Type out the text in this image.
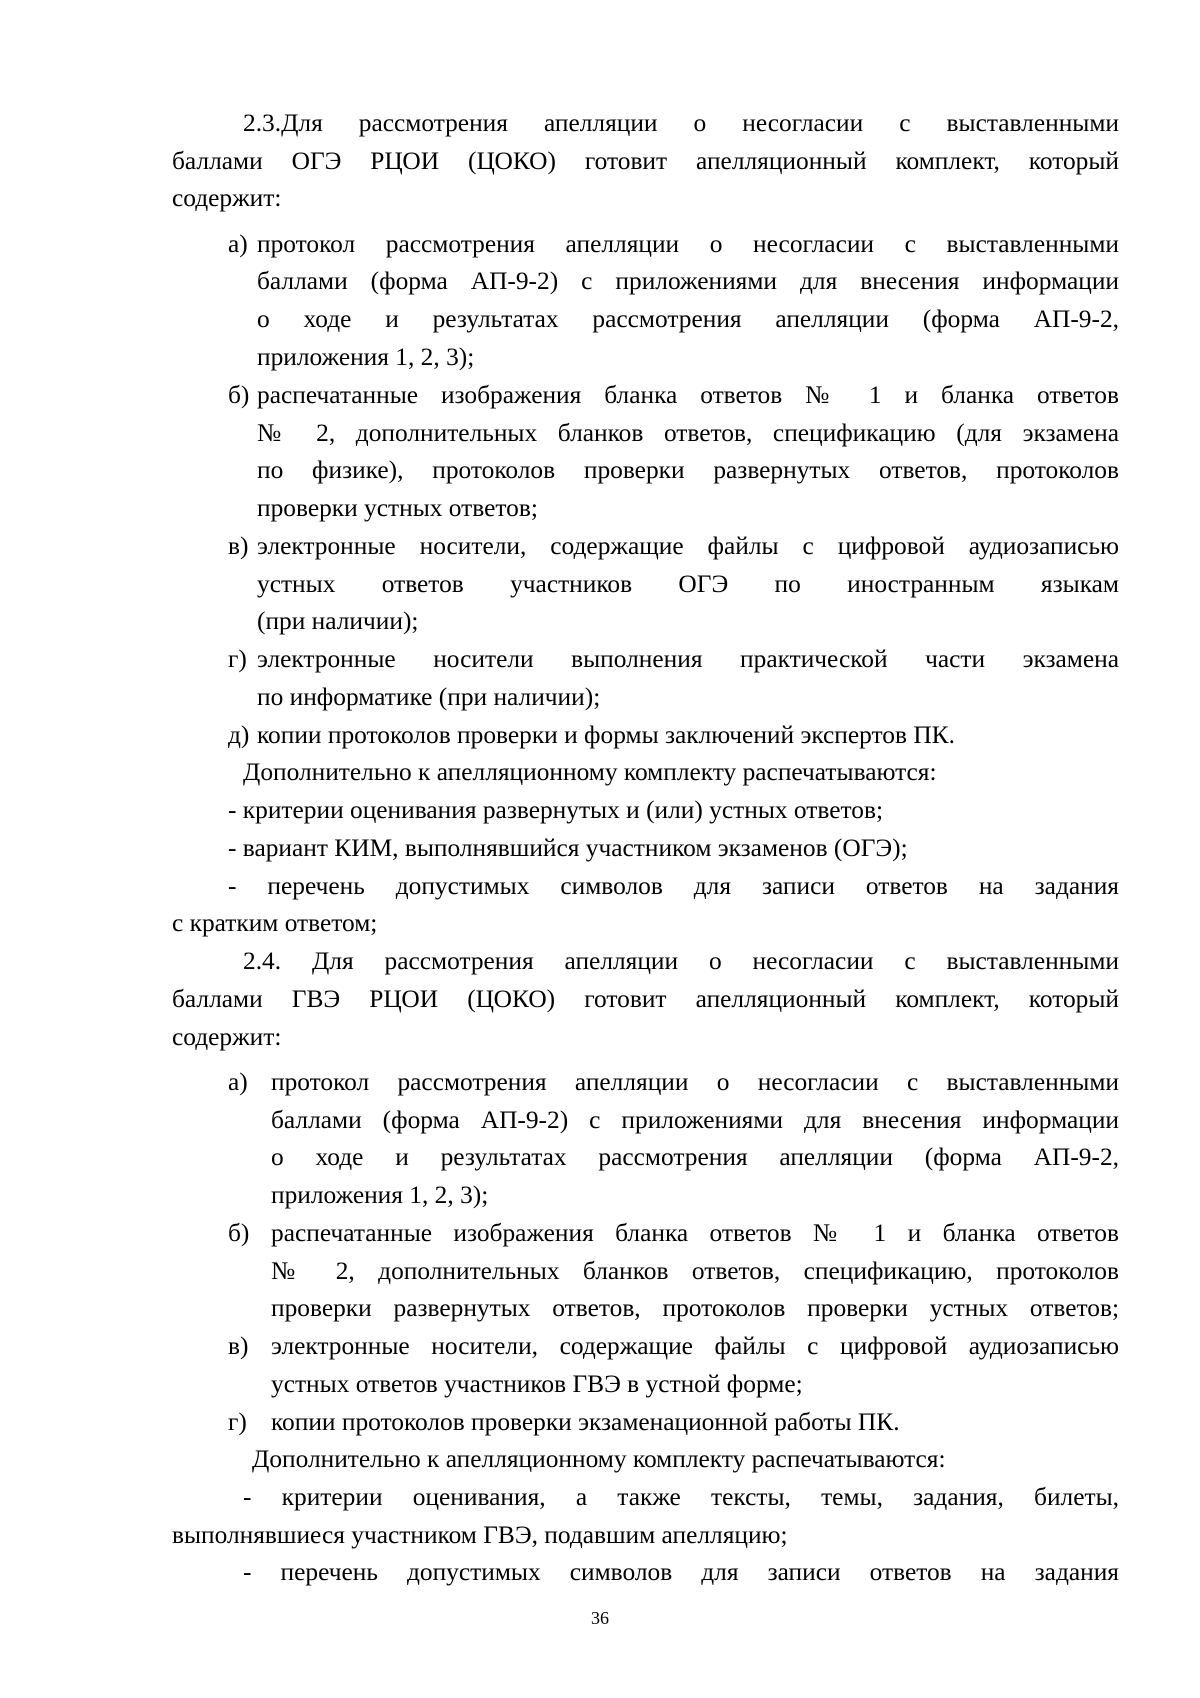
2.3.Для рассмотрения апелляции о несогласии с выставленными
баллами ОГЭ РЦОИ (ЦОКО) готовит апелляционный комплект, который
содержит:
а) протокол рассмотрения апелляции о несогласии с выставленными
баллами (форма АП-9-2) с приложениями для внесения информации
о ходе и результатах рассмотрения апелляции (форма АП-9-2,
приложения 1, 2, 3);
б) распечатанные изображения бланка ответов № 1 и бланка ответов
№ 2, дополнительных бланков ответов, спецификацию (для экзамена
по физике), протоколов проверки развернутых ответов, протоколов
проверки устных ответов;
в) электронные носители, содержащие файлы с цифровой аудиозаписью
устных ответов участников ОГЭ по иностранным языкам
(при наличии);
г) электронные носители выполнения практической части экзамена
по информатике (при наличии);
д) копии протоколов проверки и формы заключений экспертов ПК.
Дополнительно к апелляционному комплекту распечатываются:
- критерии оценивания развернутых и (или) устных ответов;
- вариант КИМ, выполнявшийся участником экзаменов (ОГЭ);
- перечень допустимых символов для записи ответов на задания
с кратким ответом;
2.4. Для рассмотрения апелляции о несогласии с выставленными
баллами ГВЭ РЦОИ (ЦОКО) готовит апелляционный комплект, который
содержит:
а) протокол рассмотрения апелляции о несогласии с выставленными
баллами (форма АП-9-2) с приложениями для внесения информации
о ходе и результатах рассмотрения апелляции (форма АП-9-2,
приложения 1, 2, 3);
б) распечатанные изображения бланка ответов № 1 и бланка ответов
№ 2, дополнительных бланков ответов, спецификацию, протоколов
проверки развернутых ответов, протоколов проверки устных ответов;
в) электронные носители, содержащие файлы с цифровой аудиозаписью
устных ответов участников ГВЭ в устной форме;
г) копии протоколов проверки экзаменационной работы ПК.
Дополнительно к апелляционному комплекту распечатываются:
- критерии оценивания, а также тексты, темы, задания, билеты,
выполнявшиеся участником ГВЭ, подавшим апелляцию;
- перечень допустимых символов для записи ответов на задания
36
